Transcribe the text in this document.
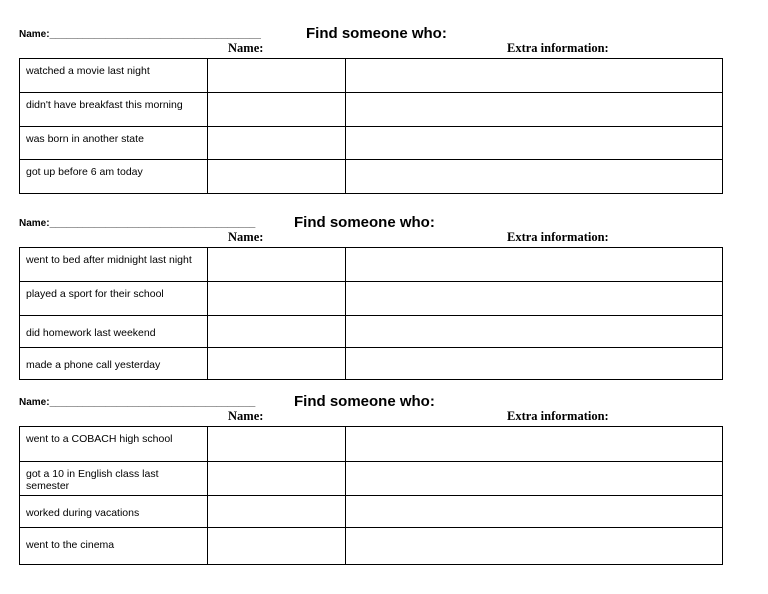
Name:______________________________________	Find someone who:
Name:	Extra information:
watched a movie last night		
didn't have breakfast this morning		
was born in another state		
got up before 6 am today		
Name:_____________________________________	Find someone who:
Name:	Extra information:
went to bed after midnight last night		
played a sport for their school		
did homework last weekend		
made a phone call yesterday		
Name:_____________________________________	Find someone who:
Name:	Extra information:
went to a COBACH high school		
got a 10 in English class last semester		
worked during vacations		
went to the cinema		
